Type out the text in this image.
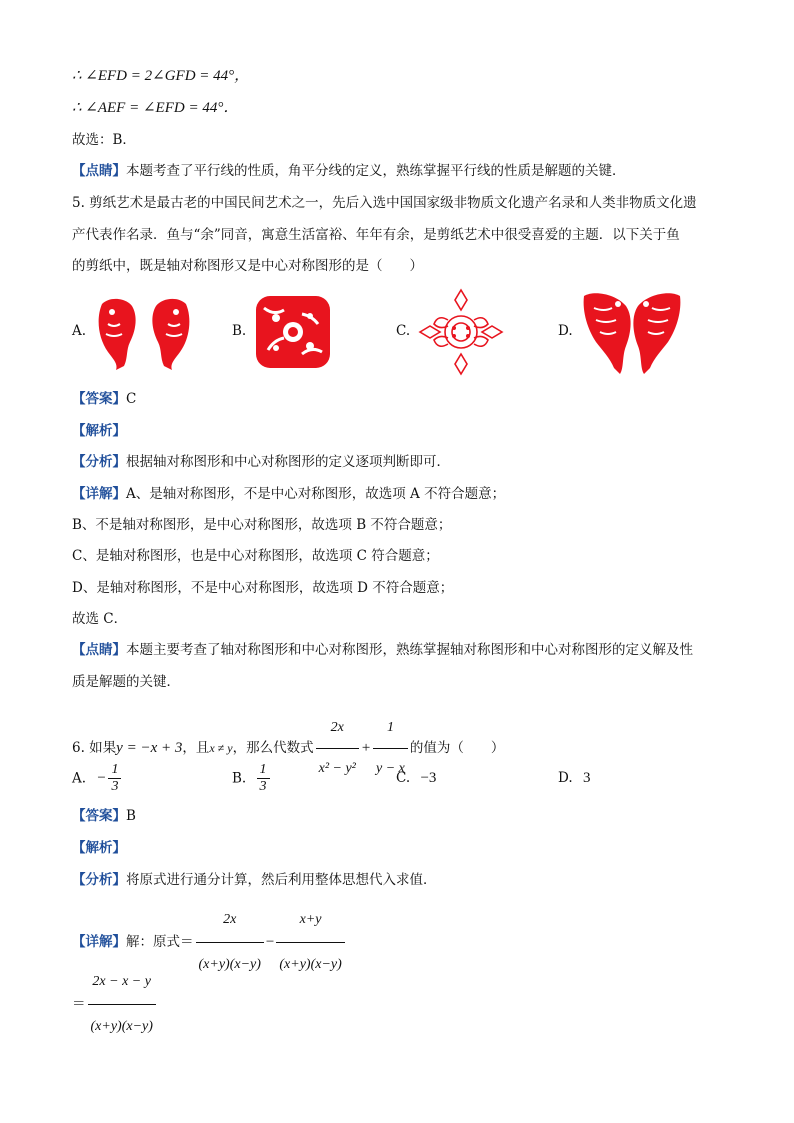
∴ ∠EFD = 2∠GFD = 44°，
∴ ∠AEF = ∠EFD = 44°．
故选：B．
【点睛】本题考查了平行线的性质，角平分线的定义，熟练掌握平行线的性质是解题的关键．
5. 剪纸艺术是最古老的中国民间艺术之一，先后入选中国国家级非物质文化遗产名录和人类非物质文化遗
产代表作名录．鱼与“余”同音，寓意生活富裕、年年有余，是剪纸艺术中很受喜爱的主题．以下关于鱼
的剪纸中，既是轴对称图形又是中心对称图形的是（　　）
A.	B.	C.	D.
【答案】C
【解析】
【分析】根据轴对称图形和中心对称图形的定义逐项判断即可．
【详解】A、是轴对称图形，不是中心对称图形，故选项 A 不符合题意；
B、不是轴对称图形，是中心对称图形，故选项 B 不符合题意；
C、是轴对称图形，也是中心对称图形，故选项 C 符合题意；
D、是轴对称图形，不是中心对称图形，故选项 D 不符合题意；
故选 C．
【点睛】本题主要考查了轴对称图形和中心对称图形，熟练掌握轴对称图形和中心对称图形的定义解及性
质是解题的关键．
6. 如果y = −x + 3，且x ≠ y，那么代数式 $\frac{2x}{\text{x² − y²}} + \frac{1}{y - x}$ 的值为（　　）
A. − $\frac{1}{3}$	B. $\frac{1}{3}$	C. −3	D. 3
【答案】B
【解析】
【分析】将原式进行通分计算，然后利用整体思想代入求值．
【详解】解：原式＝ $\frac{2x}{(x+y)(x-y)} - \frac{x+y}{(x+y)(x-y)}$
＝ $\frac{2x - x - y}{(x+y)(x-y)}$
